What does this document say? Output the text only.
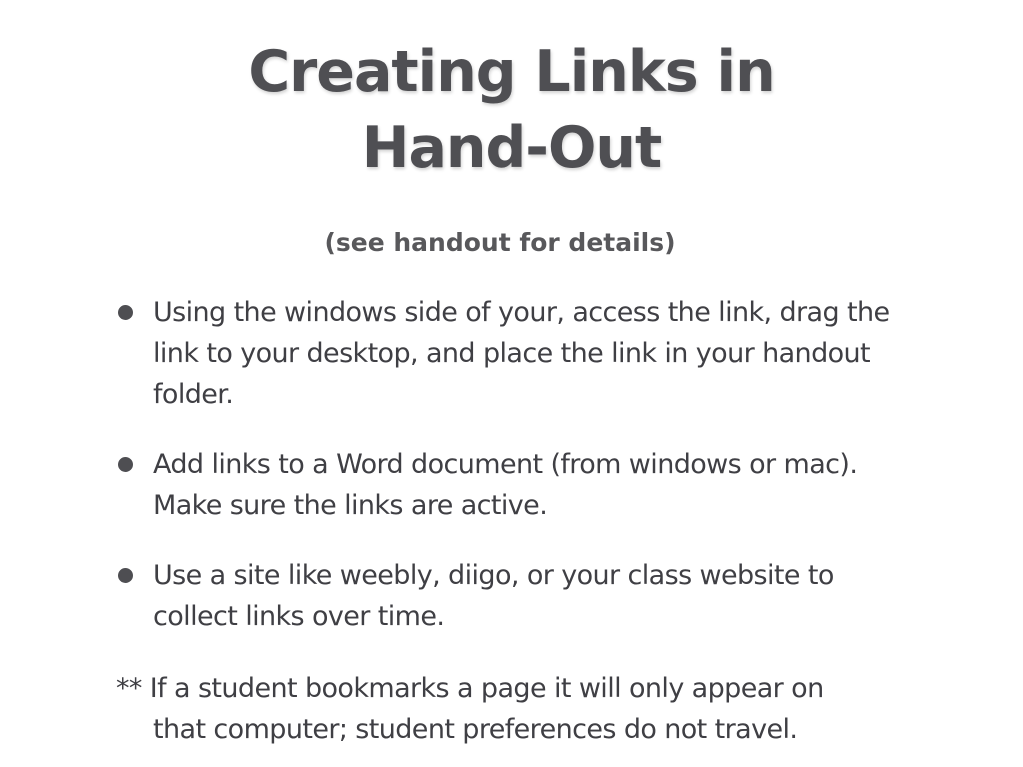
Creating Links in
Hand-Out
(see handout for details)
Using the windows side of your, access the link, drag the link to your desktop, and place the link in your handout folder.
Add links to a Word document (from windows or mac). Make sure the links are active.
Use a site like weebly, diigo, or your class website to collect links over time.
** If a student bookmarks a page it will only appear on
that computer; student preferences do not travel.
